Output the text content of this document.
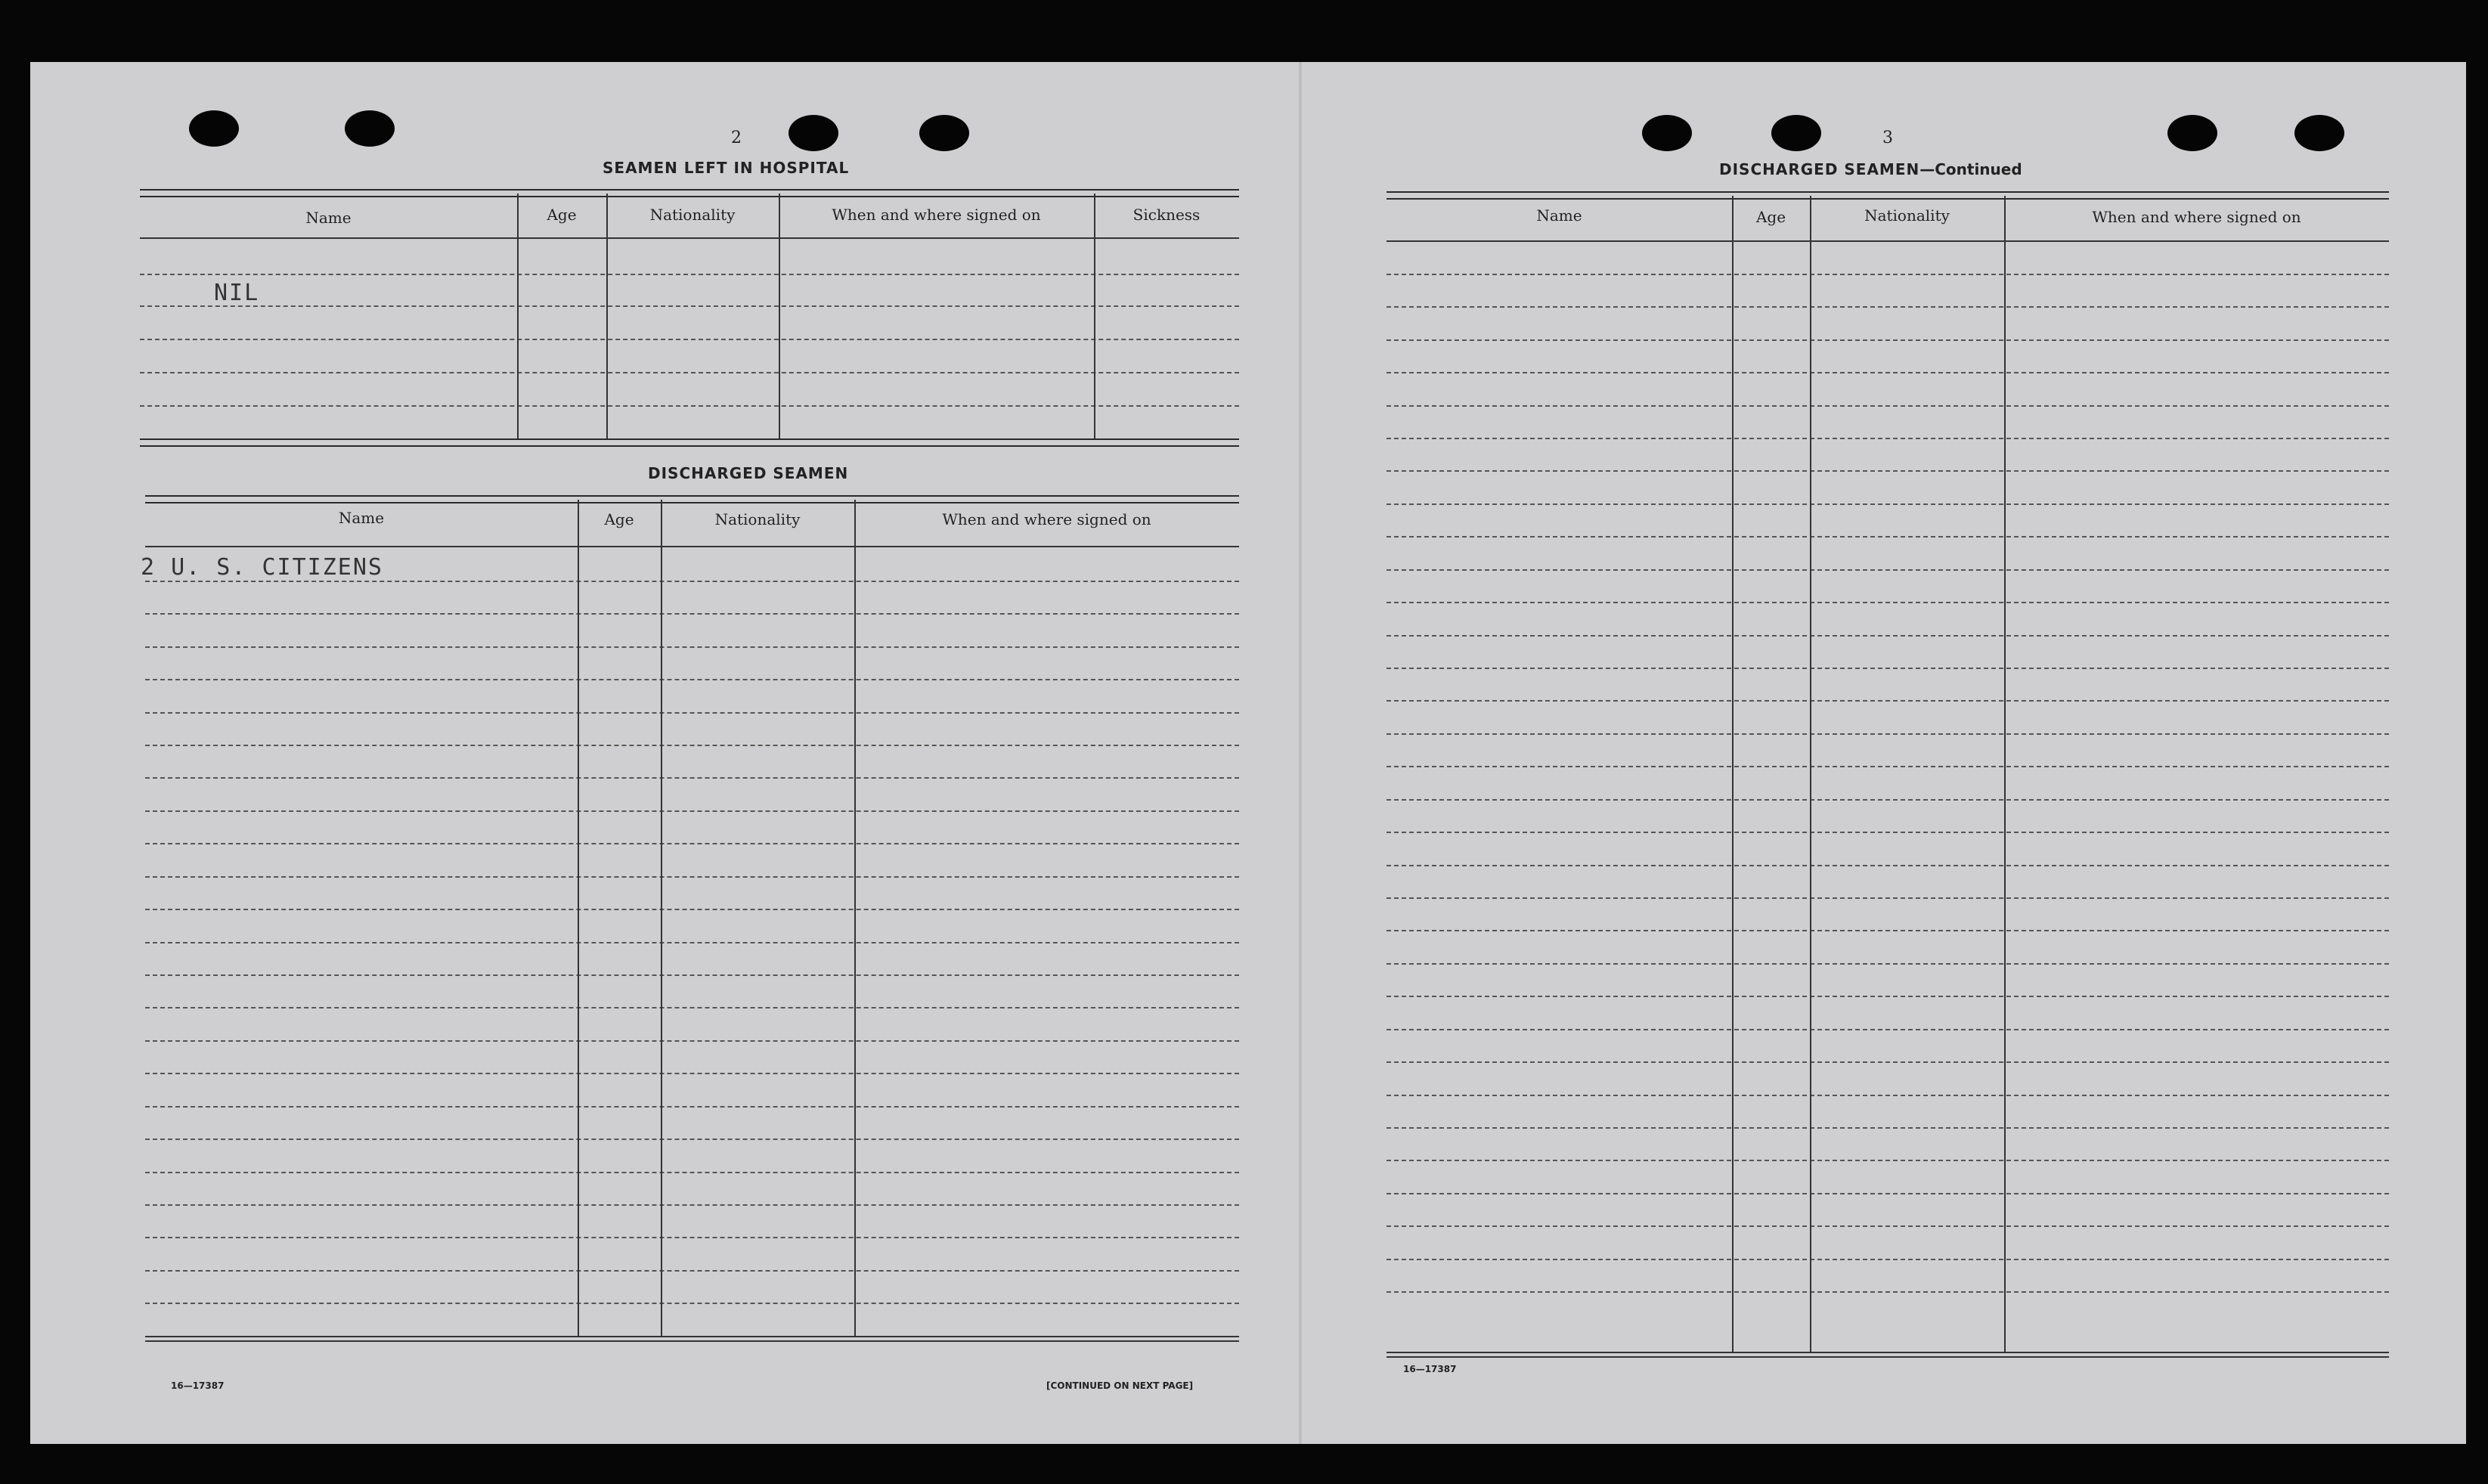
2
SEAMEN LEFT IN HOSPITAL
Name	Age	Nationality	When and where signed on	Sickness
NIL
DISCHARGED SEAMEN
Name	Age	Nationality	When and where signed on
2 U. S. CITIZENS
16—17387	[CONTINUED ON NEXT PAGE]
3
DISCHARGED SEAMEN—Continued
Name	Age	Nationality	When and where signed on
16—17387
